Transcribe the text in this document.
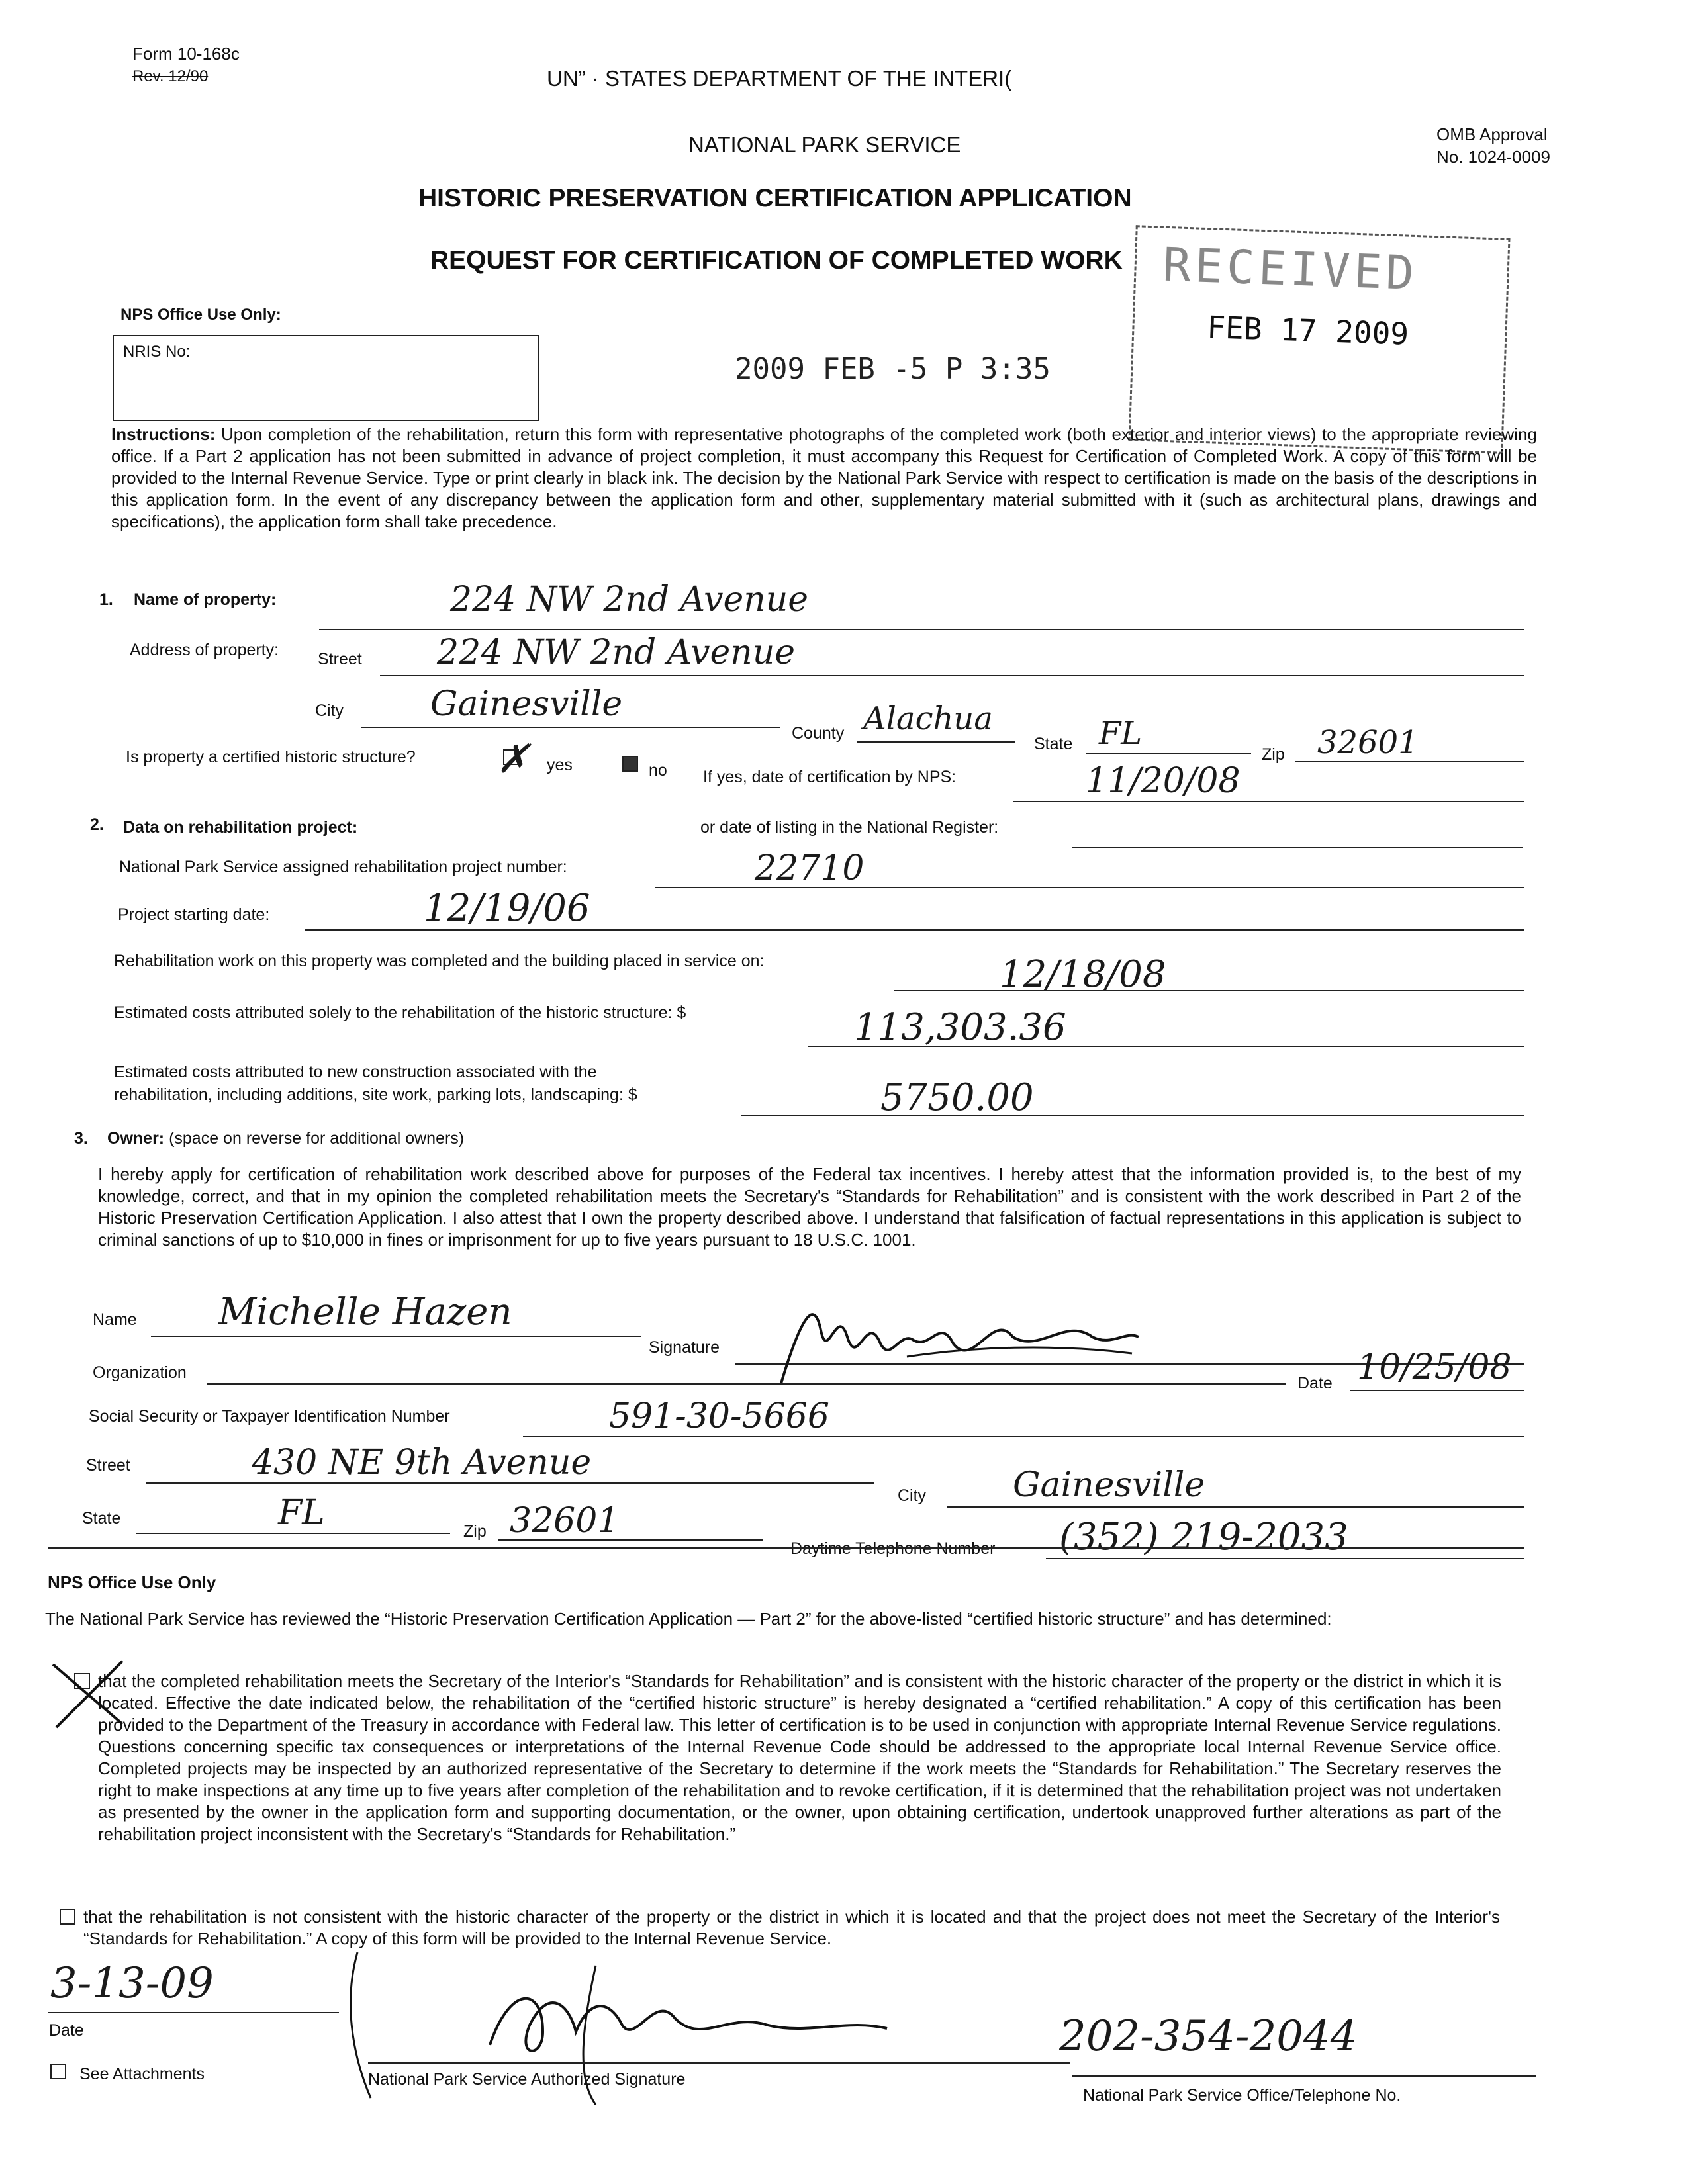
Form 10-168c
Rev. 12/90	UN” · STATES DEPARTMENT OF THE INTERI(
NATIONAL PARK SERVICE	OMB Approval
No. 1024-0009
HISTORIC PRESERVATION CERTIFICATION APPLICATION
REQUEST FOR CERTIFICATION OF COMPLETED WORK
NPS Office Use Only:
NRIS No:
2009 FEB -5 P 3:35
RECEIVED
FEB 17 2009
Instructions: Upon completion of the rehabilitation, return this form with representative photographs of the completed work (both exterior and interior views) to the appropriate reviewing office. If a Part 2 application has not been submitted in advance of project completion, it must accompany this Request for Certification of Completed Work. A copy of this form will be provided to the Internal Revenue Service. Type or print clearly in black ink. The decision by the National Park Service with respect to certification is made on the basis of the descriptions in this application form. In the event of any discrepancy between the application form and other, supplementary material submitted with it (such as architectural plans, drawings and specifications), the application form shall take precedence.
1. Name of property:	224 NW 2nd Avenue
Address of property: Street 224 NW 2nd Avenue
City	Gainesville
County Alachua
State FL
Zip 32601
Is property a certified historic structure? ✗ yes	no If yes, date of certification by NPS:	11/20/08
2. Data on rehabilitation project:	or date of listing in the National Register:
National Park Service assigned rehabilitation project number:	22710
Project starting date:	12/19/06
Rehabilitation work on this property was completed and the building placed in service on:	12/18/08
Estimated costs attributed solely to the rehabilitation of the historic structure: $	113,303.36
Estimated costs attributed to new construction associated with the
rehabilitation, including additions, site work, parking lots, landscaping: $	5750.00
3. Owner: (space on reverse for additional owners)
I hereby apply for certification of rehabilitation work described above for purposes of the Federal tax incentives. I hereby attest that the information provided is, to the best of my knowledge, correct, and that in my opinion the completed rehabilitation meets the Secretary's “Standards for Rehabilitation” and is consistent with the work described in Part 2 of the Historic Preservation Certification Application. I also attest that I own the property described above. I understand that falsification of factual representations in this application is subject to criminal sanctions of up to $10,000 in fines or imprisonment for up to five years pursuant to 18 U.S.C. 1001.
Name Michelle Hazen
Signature
Organization
Date 10/25/08
Social Security or Taxpayer Identification Number	591-30-5666
Street	430 NE 9th Avenue
City	Gainesville
State	FL	Zip 32601
Daytime Telephone Number (352) 219-2033
NPS Office Use Only
The National Park Service has reviewed the “Historic Preservation Certification Application — Part 2” for the above-listed “certified historic structure” and has determined:
that the completed rehabilitation meets the Secretary of the Interior's “Standards for Rehabilitation” and is consistent with the historic character of the property or the district in which it is located. Effective the date indicated below, the rehabilitation of the “certified historic structure” is hereby designated a “certified rehabilitation.” A copy of this certification has been provided to the Department of the Treasury in accordance with Federal law. This letter of certification is to be used in conjunction with appropriate Internal Revenue Service regulations. Questions concerning specific tax consequences or interpretations of the Internal Revenue Code should be addressed to the appropriate local Internal Revenue Service office. Completed projects may be inspected by an authorized representative of the Secretary to determine if the work meets the “Standards for Rehabilitation.” The Secretary reserves the right to make inspections at any time up to five years after completion of the rehabilitation and to revoke certification, if it is determined that the rehabilitation project was not undertaken as presented by the owner in the application form and supporting documentation, or the owner, upon obtaining certification, undertook unapproved further alterations as part of the rehabilitation project inconsistent with the Secretary's “Standards for Rehabilitation.”
that the rehabilitation is not consistent with the historic character of the property or the district in which it is located and that the project does not meet the Secretary of the Interior's “Standards for Rehabilitation.” A copy of this form will be provided to the Internal Revenue Service.
3-13-09
Date
National Park Service Authorized Signature
202-354-2044
National Park Service Office/Telephone No.
See Attachments
